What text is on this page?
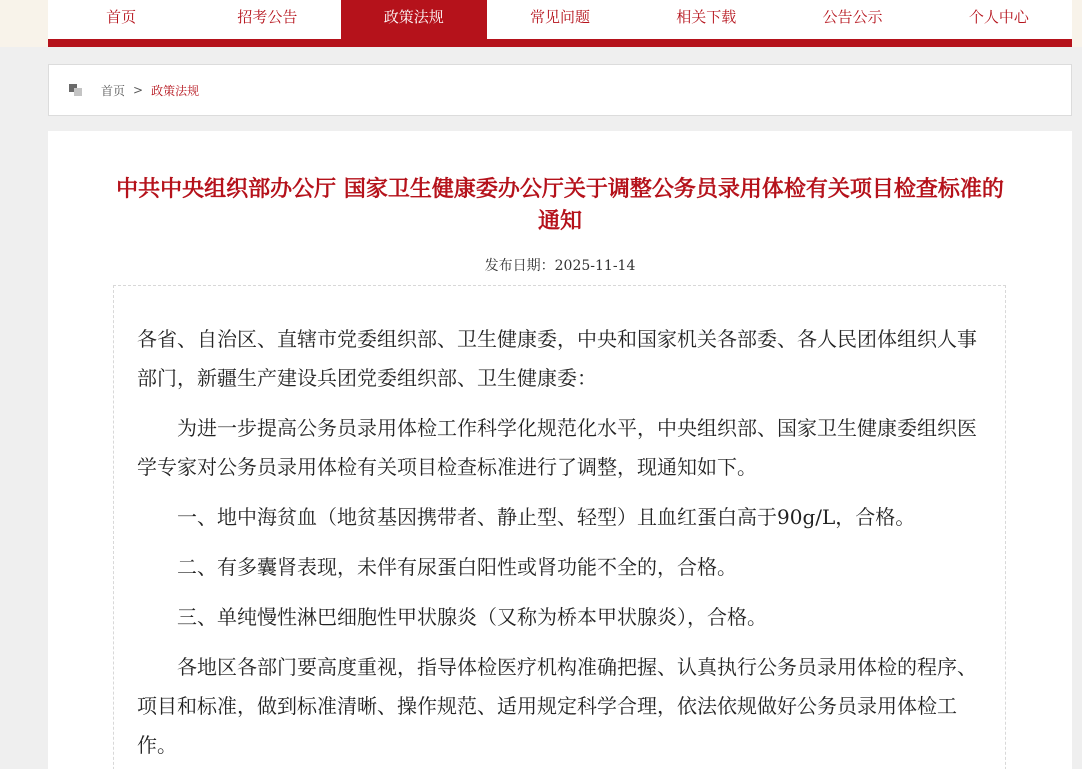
首页	招考公告	政策法规	常见问题	相关下载	公告公示	个人中心
首页 > 政策法规
中共中央组织部办公厅 国家卫生健康委办公厅关于调整公务员录用体检有关项目检查标准的通知
发布日期：2025-11-14

各省、自治区、直辖市党委组织部、卫生健康委，中央和国家机关各部委、各人民团体组织人事部门，新疆生产建设兵团党委组织部、卫生健康委：

为进一步提高公务员录用体检工作科学化规范化水平，中央组织部、国家卫生健康委组织医学专家对公务员录用体检有关项目检查标准进行了调整，现通知如下。

一、地中海贫血（地贫基因携带者、静止型、轻型）且血红蛋白高于90g/L，合格。

二、有多囊肾表现，未伴有尿蛋白阳性或肾功能不全的，合格。

三、单纯慢性淋巴细胞性甲状腺炎（又称为桥本甲状腺炎），合格。

各地区各部门要高度重视，指导体检医疗机构准确把握、认真执行公务员录用体检的程序、项目和标准，做到标准清晰、操作规范、适用规定科学合理，依法依规做好公务员录用体检工作。
